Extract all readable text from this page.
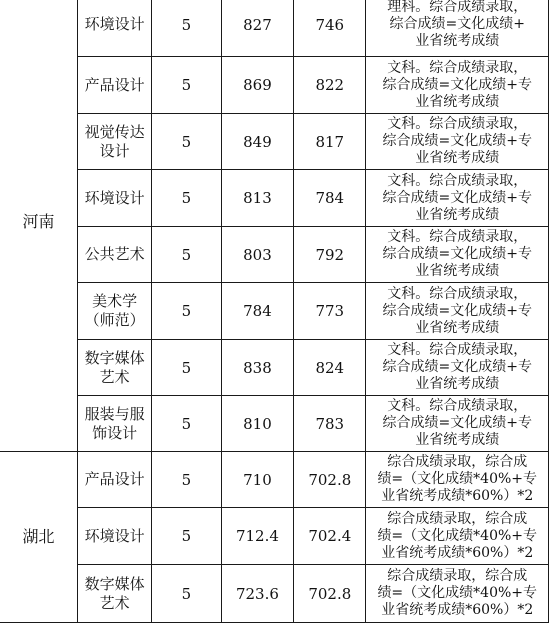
河南	环境设计	5	827	746	理科。综合成绩录取，
综合成绩=文化成绩+
业省统考成绩

	产品设计	5	869	822	文科。综合成绩录取，
综合成绩=文化成绩+专
业省统考成绩

	视觉传达
设计	5	849	817	文科。综合成绩录取，
综合成绩=文化成绩+专
业省统考成绩

	环境设计	5	813	784	文科。综合成绩录取，
综合成绩=文化成绩+专
业省统考成绩

	公共艺术	5	803	792	文科。综合成绩录取，
综合成绩=文化成绩+专
业省统考成绩

	美术学
（师范）	5	784	773	文科。综合成绩录取，
综合成绩=文化成绩+专
业省统考成绩

	数字媒体
艺术	5	838	824	文科。综合成绩录取，
综合成绩=文化成绩+专
业省统考成绩

	服装与服
饰设计	5	810	783	文科。综合成绩录取，
综合成绩=文化成绩+专
业省统考成绩

湖北	产品设计	5	710	702.8	综合成绩录取，综合成
绩=（文化成绩*40%+专
业省统考成绩*60%）*2

	环境设计	5	712.4	702.4	综合成绩录取，综合成
绩=（文化成绩*40%+专
业省统考成绩*60%）*2

	数字媒体
艺术	5	723.6	702.8	综合成绩录取，综合成
绩=（文化成绩*40%+专
业省统考成绩*60%）*2
